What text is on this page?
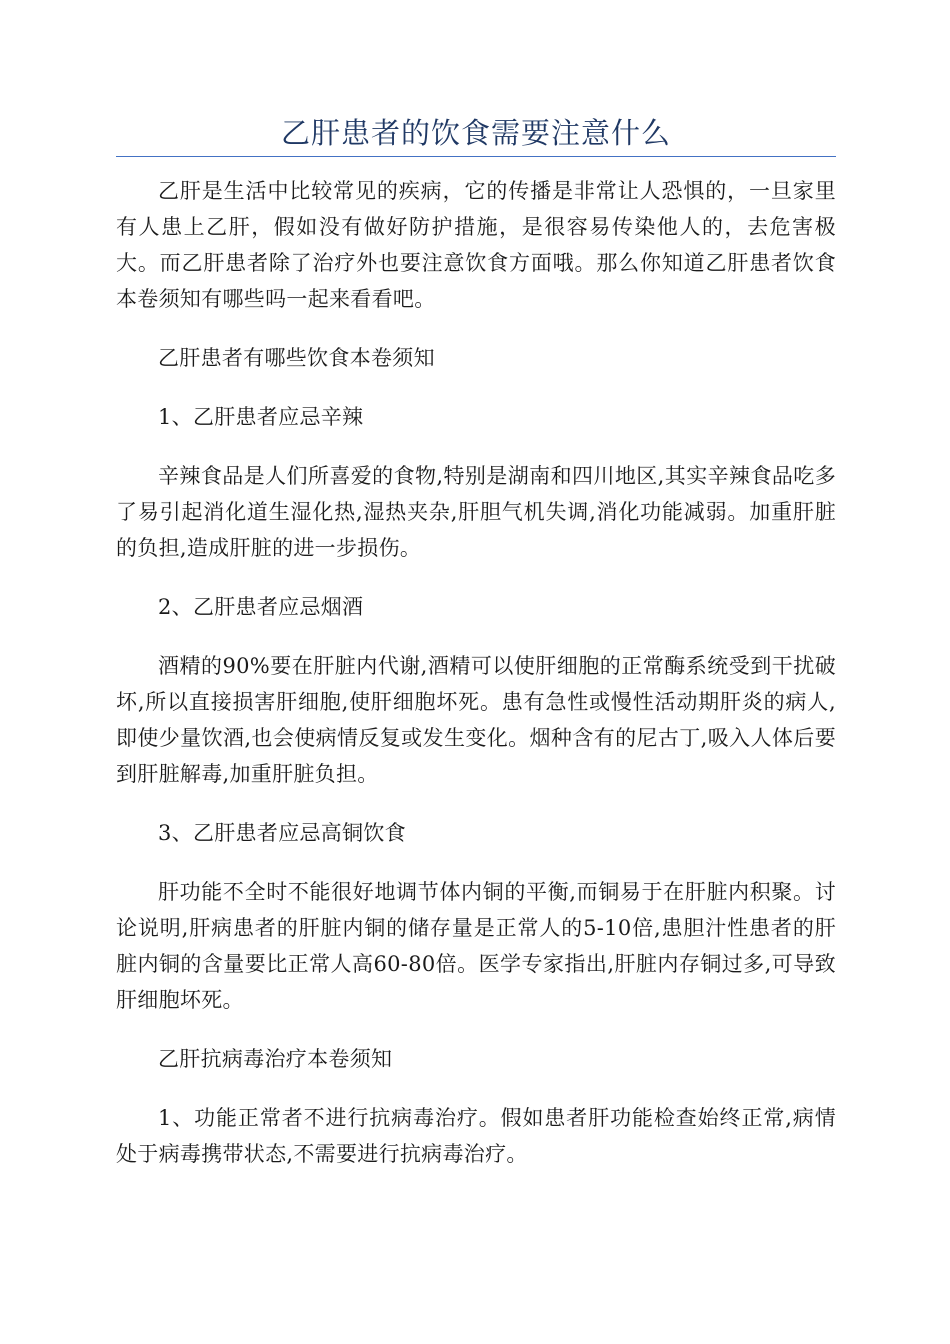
乙肝患者的饮食需要注意什么

乙肝是生活中比较常见的疾病，它的传播是非常让人恐惧的，一旦家里有人患上乙肝，假如没有做好防护措施，是很容易传染他人的，去危害极大。而乙肝患者除了治疗外也要注意饮食方面哦。那么你知道乙肝患者饮食本卷须知有哪些吗一起来看看吧。

乙肝患者有哪些饮食本卷须知

1、乙肝患者应忌辛辣

辛辣食品是人们所喜爱的食物,特别是湖南和四川地区,其实辛辣食品吃多了易引起消化道生湿化热,湿热夹杂,肝胆气机失调,消化功能减弱。加重肝脏的负担,造成肝脏的进一步损伤。

2、乙肝患者应忌烟酒

酒精的90%要在肝脏内代谢,酒精可以使肝细胞的正常酶系统受到干扰破坏,所以直接损害肝细胞,使肝细胞坏死。患有急性或慢性活动期肝炎的病人,即使少量饮酒,也会使病情反复或发生变化。烟种含有的尼古丁,吸入人体后要到肝脏解毒,加重肝脏负担。

3、乙肝患者应忌高铜饮食

肝功能不全时不能很好地调节体内铜的平衡,而铜易于在肝脏内积聚。讨论说明,肝病患者的肝脏内铜的储存量是正常人的5-10倍,患胆汁性患者的肝脏内铜的含量要比正常人高60-80倍。医学专家指出,肝脏内存铜过多,可导致肝细胞坏死。

乙肝抗病毒治疗本卷须知

1、功能正常者不进行抗病毒治疗。假如患者肝功能检查始终正常,病情处于病毒携带状态,不需要进行抗病毒治疗。
